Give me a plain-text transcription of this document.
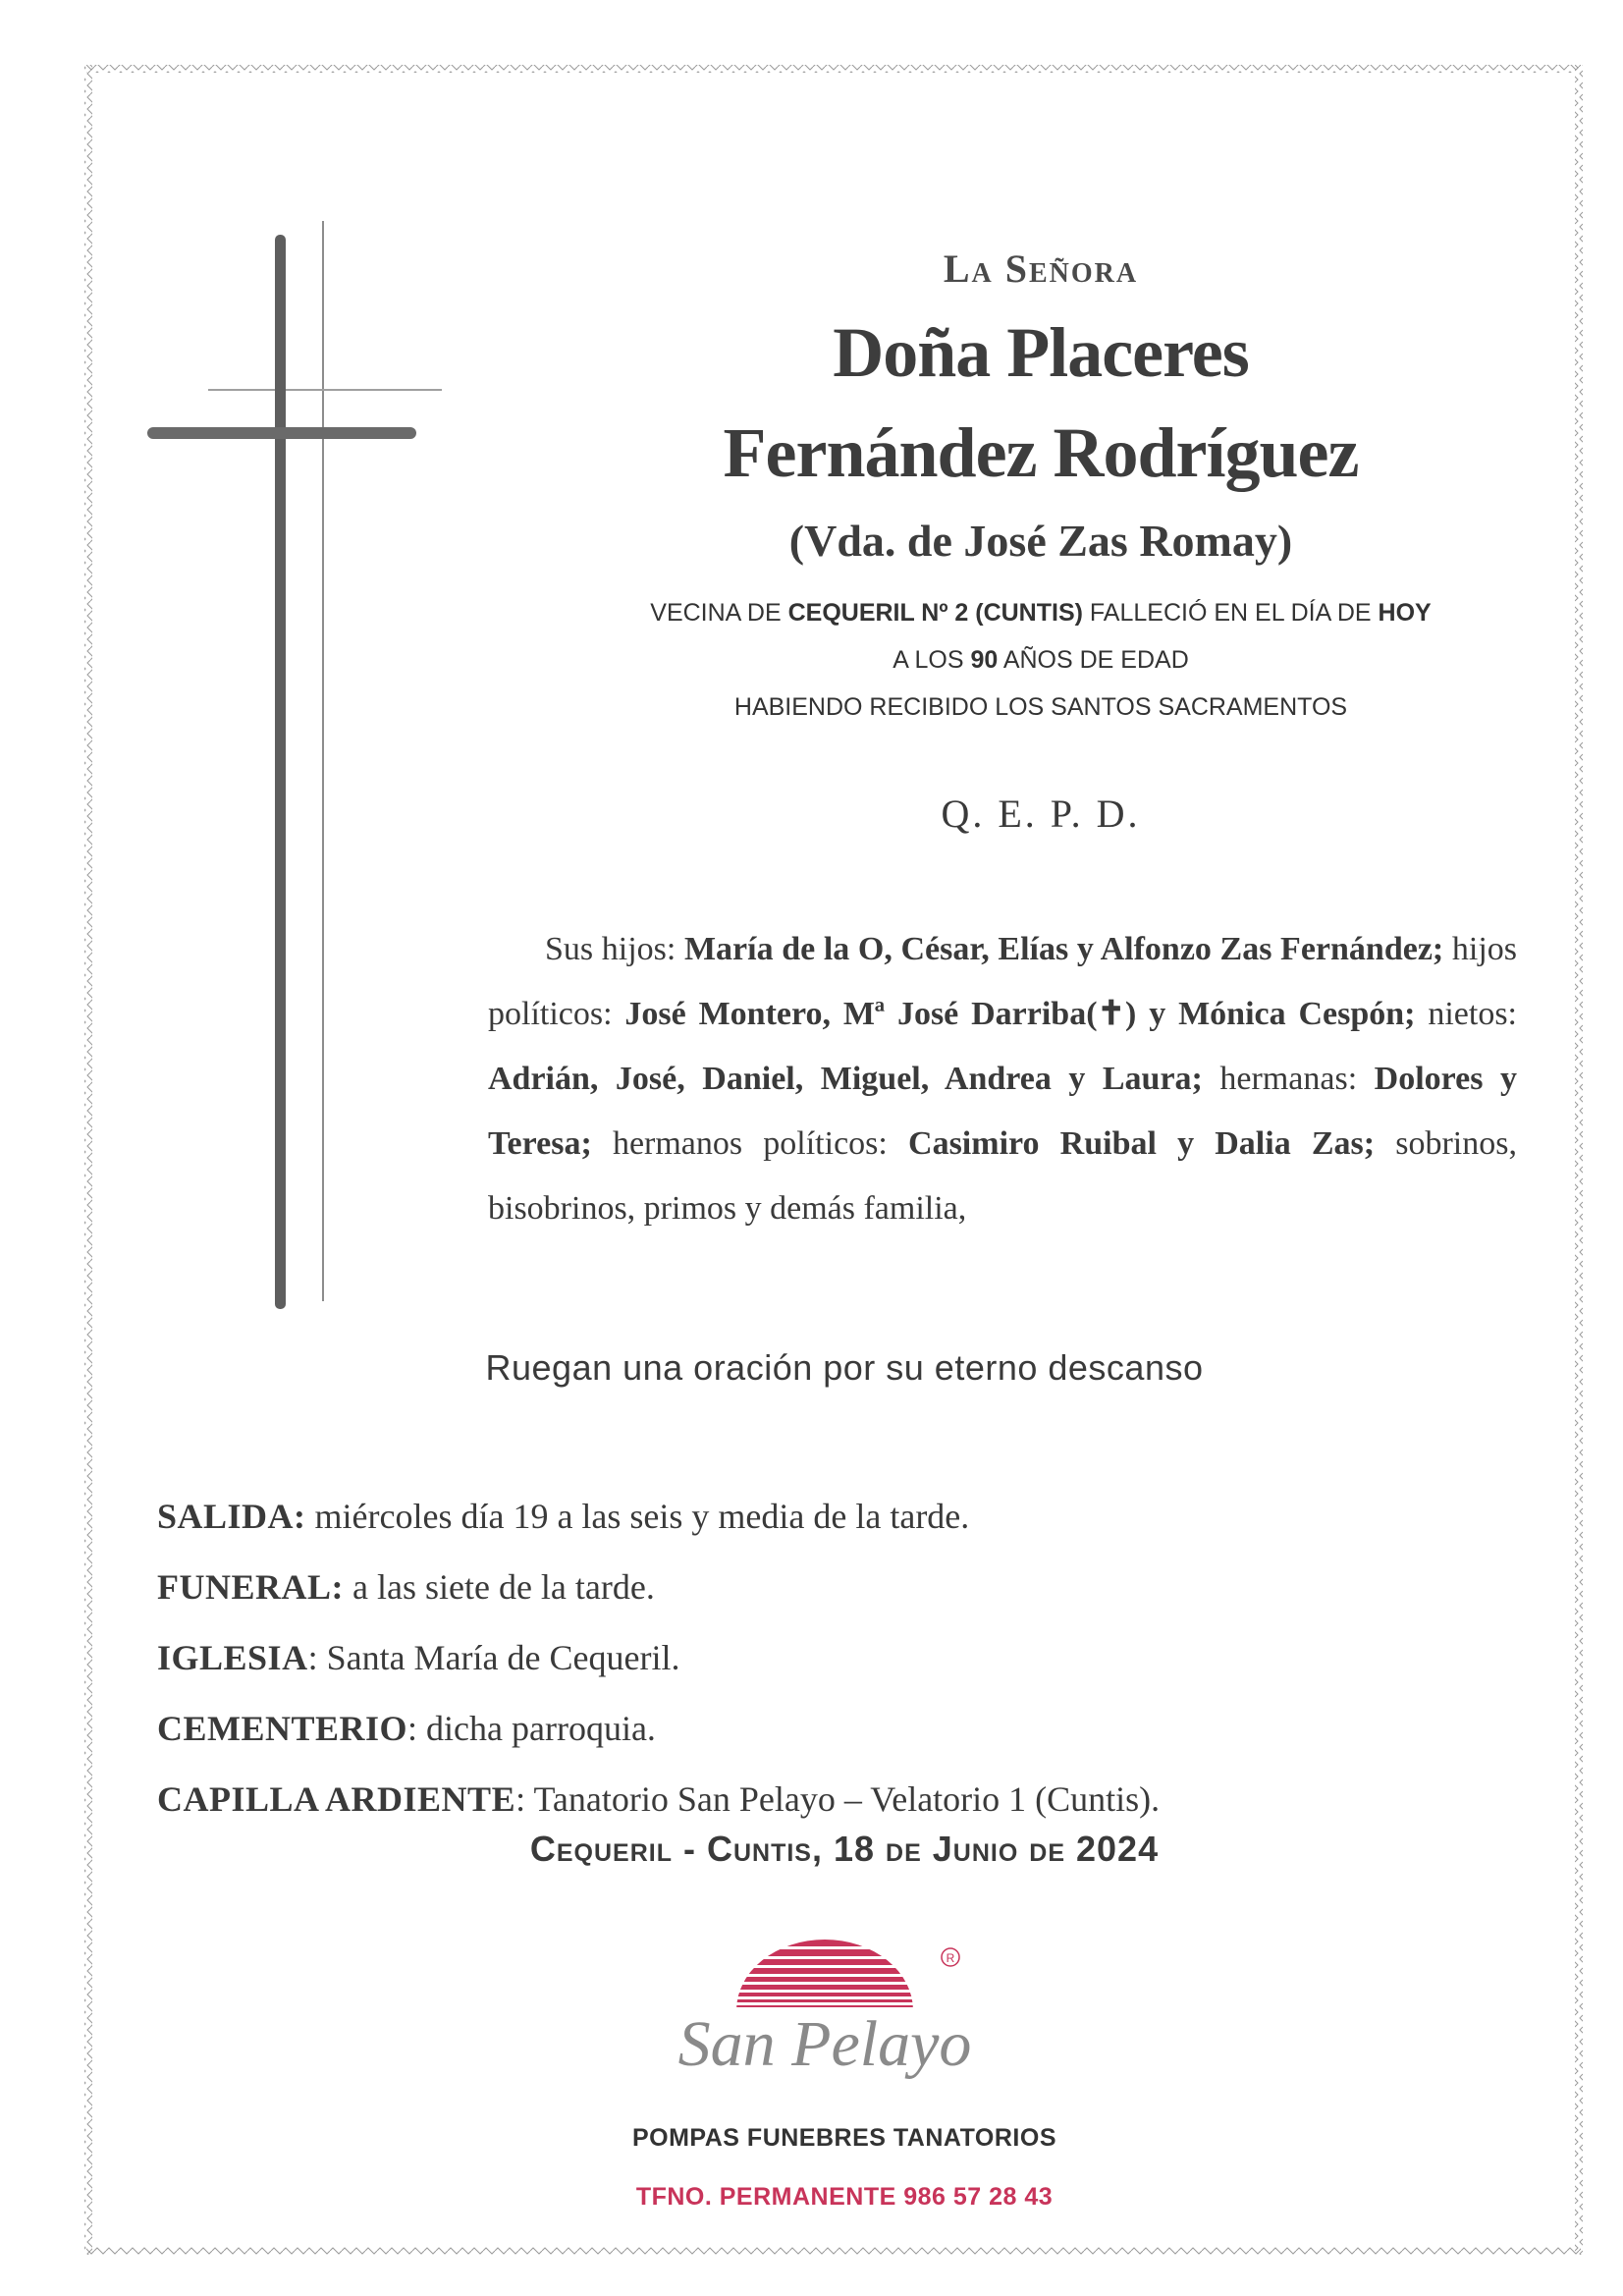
La Señora
Doña Placeres
Fernández Rodríguez
(Vda. de José Zas Romay)
VECINA DE CEQUERIL Nº 2 (CUNTIS) FALLECIÓ EN EL DÍA DE HOY
A LOS 90 AÑOS DE EDAD
HABIENDO RECIBIDO LOS SANTOS SACRAMENTOS
Q. E. P. D.
Sus hijos: María de la O, César, Elías y Alfonzo Zas Fernández; hijos políticos: José Montero, Mª José Darriba(✝) y Mónica Cespón; nietos: Adrián, José, Daniel, Miguel, Andrea y Laura; hermanas: Dolores y Teresa; hermanos políticos: Casimiro Ruibal y Dalia Zas; sobrinos, bisobrinos, primos y demás familia,
Ruegan una oración por su eterno descanso
SALIDA: miércoles día 19 a las seis y media de la tarde.
FUNERAL: a las siete de la tarde.
IGLESIA: Santa María de Cequeril.
CEMENTERIO: dicha parroquia.
CAPILLA ARDIENTE: Tanatorio San Pelayo – Velatorio 1 (Cuntis).
Cequeril - Cuntis, 18 de Junio de 2024
R
San Pelayo
POMPAS FUNEBRES TANATORIOS
TFNO. PERMANENTE 986 57 28 43
